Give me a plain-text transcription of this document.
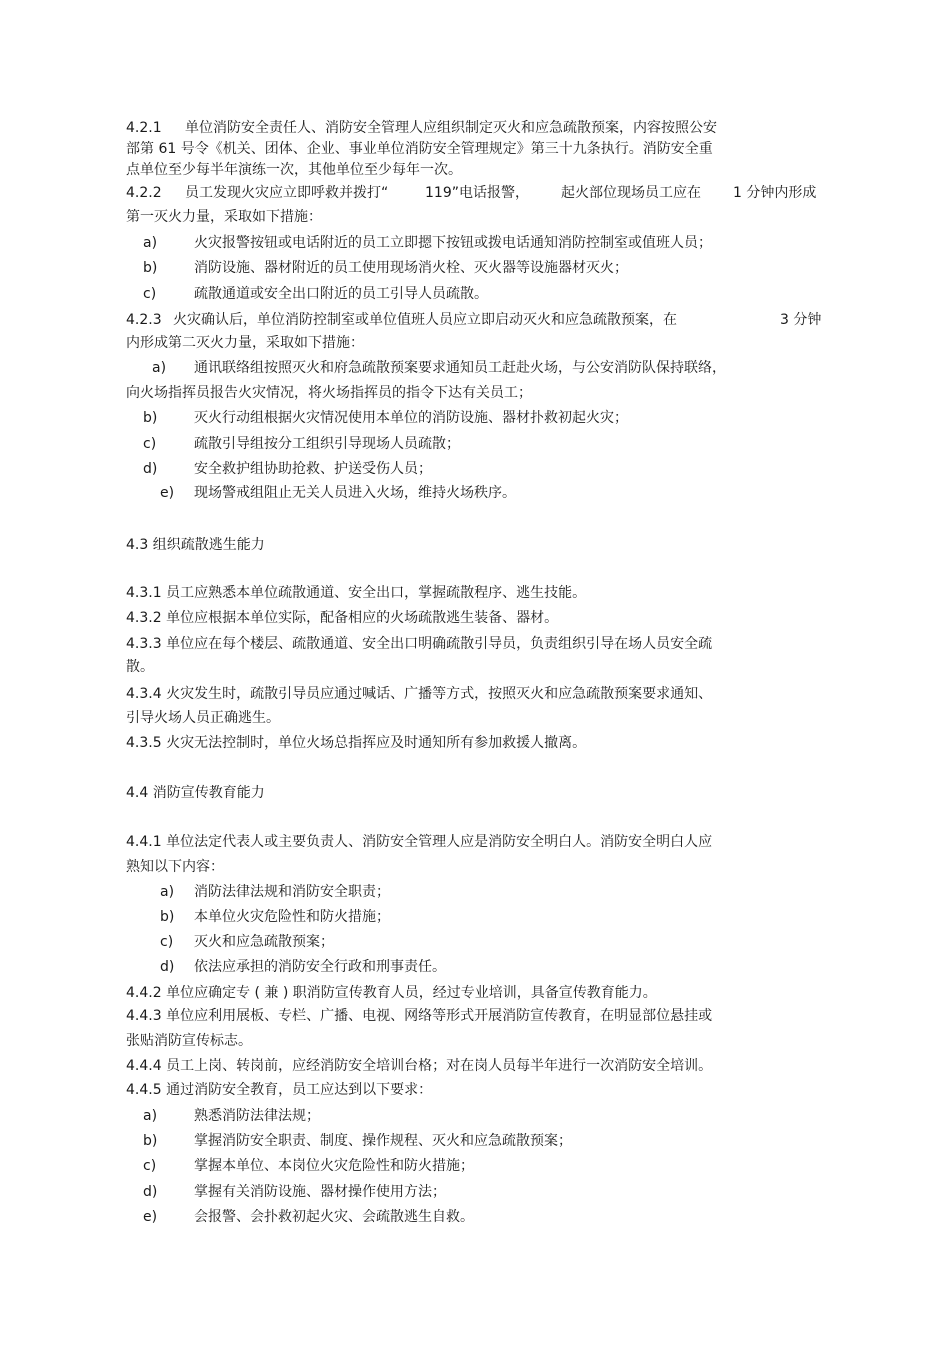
4.2.1 单位消防安全责任人、消防安全管理人应组织制定灭火和应急疏散预案，内容按照公安
部第 61 号令《机关、团体、企业、事业单位消防安全管理规定》第三十九条执行。消防安全重
点单位至少每半年演练一次，其他单位至少每年一次。
4.2.2 员工发现火灾应立即呼救并拨打“	119”电话报警， 起火部位现场员工应在 1 分钟内形成
第一灭火力量，采取如下措施：
a)	火灾报警按钮或电话附近的员工立即摁下按钮或拨电话通知消防控制室或值班人员；
b)	消防设施、器材附近的员工使用现场消火栓、灭火器等设施器材灭火；
c)	疏散通道或安全出口附近的员工引导人员疏散。
4.2.3 火灾确认后，单位消防控制室或单位值班人员应立即启动灭火和应急疏散预案，在	3 分钟
内形成第二灭火力量，采取如下措施：
a) 通讯联络组按照灭火和府急疏散预案要求通知员工赶赴火场，与公安消防队保持联络，
向火场指挥员报告火灾情况，将火场指挥员的指令下达有关员工；
b)	灭火行动组根据火灾情况使用本单位的消防设施、器材扑救初起火灾；
c)	疏散引导组按分工组织引导现场人员疏散；
d)	安全救护组协助抢救、护送受伤人员；
e) 现场警戒组阻止无关人员进入火场，维持火场秩序。
4.3 组织疏散逃生能力
4.3.1 员工应熟悉本单位疏散通道、安全出口，掌握疏散程序、逃生技能。
4.3.2 单位应根据本单位实际，配备相应的火场疏散逃生装备、器材。
4.3.3 单位应在每个楼层、疏散通道、安全出口明确疏散引导员，负责组织引导在场人员安全疏
散。
4.3.4 火灾发生时，疏散引导员应通过喊话、广播等方式，按照灭火和应急疏散预案要求通知、
引导火场人员正确逃生。
4.3.5 火灾无法控制时，单位火场总指挥应及时通知所有参加救援人撤离。
4.4 消防宣传教育能力
4.4.1 单位法定代表人或主要负责人、消防安全管理人应是消防安全明白人。消防安全明白人应
熟知以下内容：
a) 消防法律法规和消防安全职责；
b) 本单位火灾危险性和防火措施；
c) 灭火和应急疏散预案；
d) 依法应承担的消防安全行政和刑事责任。
4.4.2 单位应确定专 ( 兼 ) 职消防宣传教育人员，经过专业培训，具备宣传教育能力。
4.4.3 单位应利用展板、专栏、广播、电视、网络等形式开展消防宣传教育，在明显部位悬挂或
张贴消防宣传标志。
4.4.4 员工上岗、转岗前，应经消防安全培训台格；对在岗人员每半年进行一次消防安全培训。
4.4.5 通过消防安全教育，员工应达到以下要求：
a)	熟悉消防法律法规；
b)	掌握消防安全职责、制度、操作规程、灭火和应急疏散预案；
c)	掌握本单位、本岗位火灾危险性和防火措施；
d)	掌握有关消防设施、器材操作使用方法；
e)	会报警、会扑救初起火灾、会疏散逃生自救。
